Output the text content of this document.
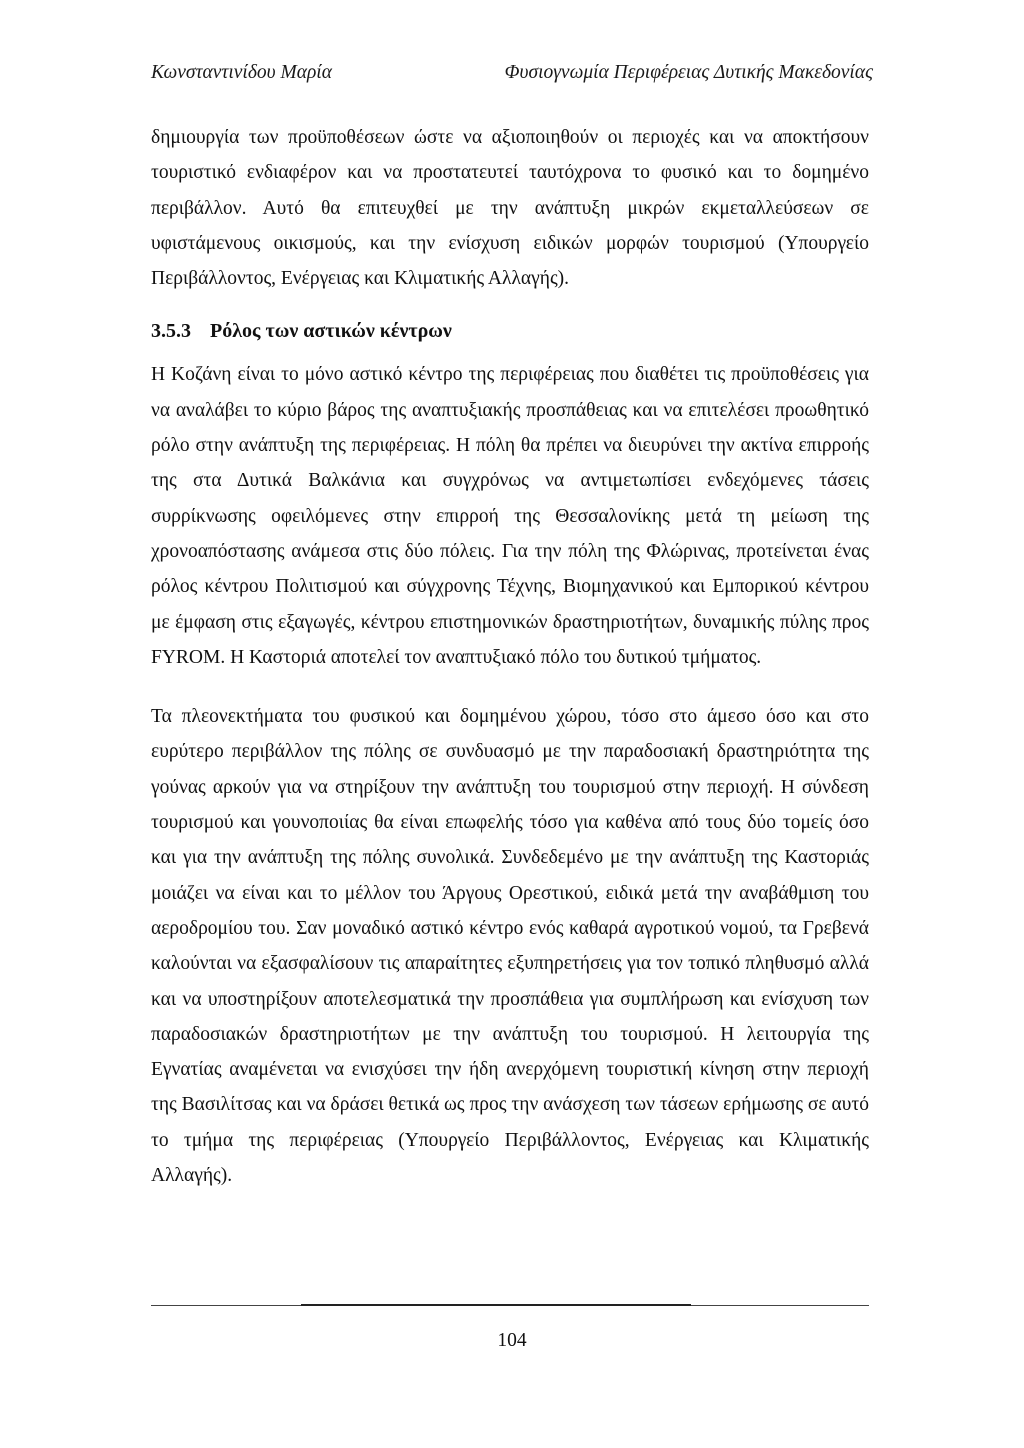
Κωνσταντινίδου Μαρία	Φυσιογνωμία Περιφέρειας Δυτικής Μακεδονίας

δημιουργία των προϋποθέσεων ώστε να αξιοποιηθούν οι περιοχές και να αποκτήσουν τουριστικό ενδιαφέρον και να προστατευτεί ταυτόχρονα το φυσικό και το δομημένο περιβάλλον. Αυτό θα επιτευχθεί με την ανάπτυξη μικρών εκμεταλλεύσεων σε υφιστάμενους οικισμούς, και την ενίσχυση ειδικών μορφών τουρισμού (Υπουργείο Περιβάλλοντος, Ενέργειας και Κλιματικής Αλλαγής).

3.5.3 Ρόλος των αστικών κέντρων

Η Κοζάνη είναι το μόνο αστικό κέντρο της περιφέρειας που διαθέτει τις προϋποθέσεις για να αναλάβει το κύριο βάρος της αναπτυξιακής προσπάθειας και να επιτελέσει προωθητικό ρόλο στην ανάπτυξη της περιφέρειας. Η πόλη θα πρέπει να διευρύνει την ακτίνα επιρροής της στα Δυτικά Βαλκάνια και συγχρόνως να αντιμετωπίσει ενδεχόμενες τάσεις συρρίκνωσης οφειλόμενες στην επιρροή της Θεσσαλονίκης μετά τη μείωση της χρονοαπόστασης ανάμεσα στις δύο πόλεις. Για την πόλη της Φλώρινας, προτείνεται ένας ρόλος κέντρου Πολιτισμού και σύγχρονης Τέχνης, Βιομηχανικού και Εμπορικού κέντρου με έμφαση στις εξαγωγές, κέντρου επιστημονικών δραστηριοτήτων, δυναμικής πύλης προς FYROM. Η Καστοριά αποτελεί τον αναπτυξιακό πόλο του δυτικού τμήματος.

Τα πλεονεκτήματα του φυσικού και δομημένου χώρου, τόσο στο άμεσο όσο και στο ευρύτερο περιβάλλον της πόλης σε συνδυασμό με την παραδοσιακή δραστηριότητα της γούνας αρκούν για να στηρίξουν την ανάπτυξη του τουρισμού στην περιοχή. Η σύνδεση τουρισμού και γουνοποιίας θα είναι επωφελής τόσο για καθένα από τους δύο τομείς όσο και για την ανάπτυξη της πόλης συνολικά. Συνδεδεμένο με την ανάπτυξη της Καστοριάς μοιάζει να είναι και το μέλλον του Άργους Ορεστικού, ειδικά μετά την αναβάθμιση του αεροδρομίου του. Σαν μοναδικό αστικό κέντρο ενός καθαρά αγροτικού νομού, τα Γρεβενά καλούνται να εξασφαλίσουν τις απαραίτητες εξυπηρετήσεις για τον τοπικό πληθυσμό αλλά και να υποστηρίξουν αποτελεσματικά την προσπάθεια για συμπλήρωση και ενίσχυση των παραδοσιακών δραστηριοτήτων με την ανάπτυξη του τουρισμού. Η λειτουργία της Εγνατίας αναμένεται να ενισχύσει την ήδη ανερχόμενη τουριστική κίνηση στην περιοχή της Βασιλίτσας και να δράσει θετικά ως προς την ανάσχεση των τάσεων ερήμωσης σε αυτό το τμήμα της περιφέρειας (Υπουργείο Περιβάλλοντος, Ενέργειας και Κλιματικής Αλλαγής).

104
